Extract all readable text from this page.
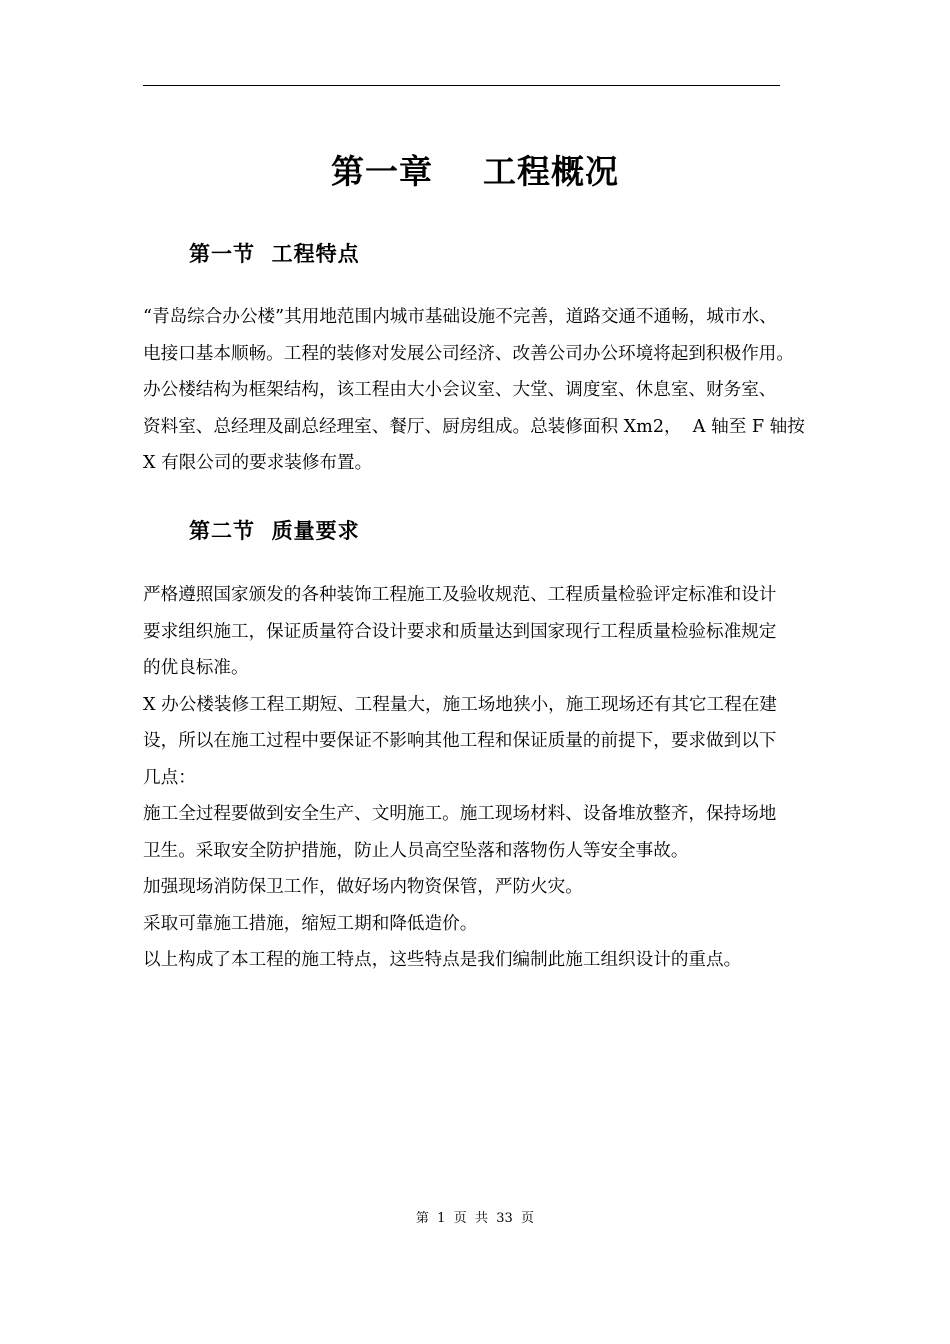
第一章    工程概况
第一节  工程特点
“青岛综合办公楼”其用地范围内城市基础设施不完善，道路交通不通畅，城市水、
电接口基本顺畅。工程的装修对发展公司经济、改善公司办公环境将起到积极作用。
办公楼结构为框架结构，该工程由大小会议室、大堂、调度室、休息室、财务室、
资料室、总经理及副总经理室、餐厅、厨房组成。总装修面积 Xm2，  A 轴至 F 轴按
X 有限公司的要求装修布置。
第二节  质量要求
严格遵照国家颁发的各种装饰工程施工及验收规范、工程质量检验评定标准和设计
要求组织施工，保证质量符合设计要求和质量达到国家现行工程质量检验标准规定
的优良标准。
X 办公楼装修工程工期短、工程量大，施工场地狭小，施工现场还有其它工程在建
设，所以在施工过程中要保证不影响其他工程和保证质量的前提下，要求做到以下
几点：
施工全过程要做到安全生产、文明施工。施工现场材料、设备堆放整齐，保持场地
卫生。采取安全防护措施，防止人员高空坠落和落物伤人等安全事故。
加强现场消防保卫工作，做好场内物资保管，严防火灾。
采取可靠施工措施，缩短工期和降低造价。
以上构成了本工程的施工特点，这些特点是我们编制此施工组织设计的重点。
第  1  页  共  33  页
